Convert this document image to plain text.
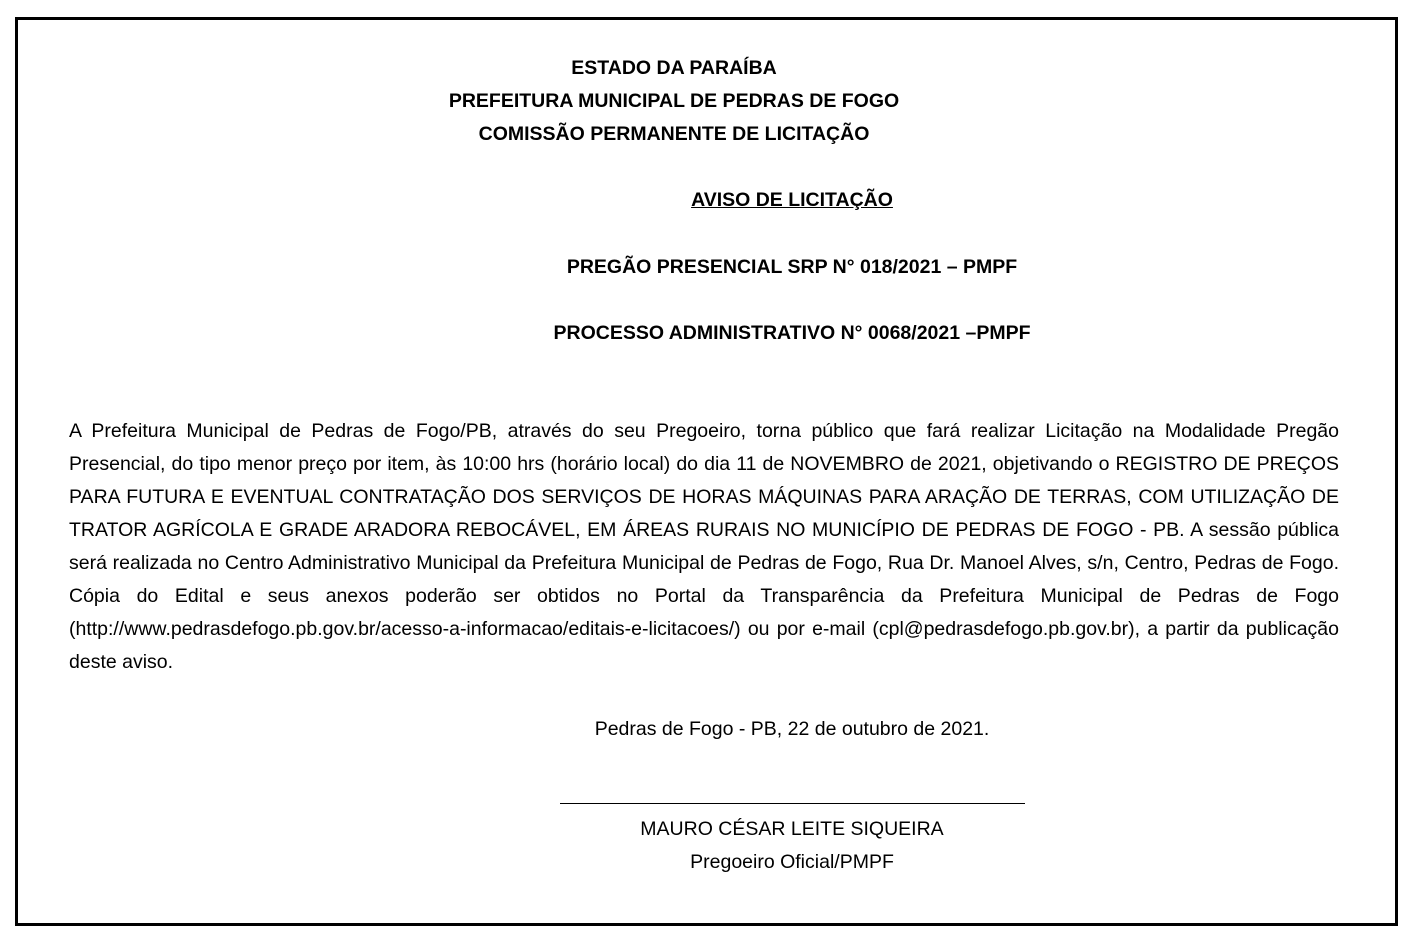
ESTADO DA PARAÍBA
PREFEITURA MUNICIPAL DE PEDRAS DE FOGO
COMISSÃO PERMANENTE DE LICITAÇÃO
AVISO DE LICITAÇÃO
PREGÃO PRESENCIAL SRP N° 018/2021 – PMPF
PROCESSO ADMINISTRATIVO N° 0068/2021 –PMPF
A Prefeitura Municipal de Pedras de Fogo/PB, através do seu Pregoeiro, torna público que fará realizar Licitação na Modalidade Pregão Presencial, do tipo menor preço por item, às 10:00 hrs (horário local) do dia 11 de NOVEMBRO de 2021, objetivando o REGISTRO DE PREÇOS PARA FUTURA E EVENTUAL CONTRATAÇÃO DOS SERVIÇOS DE HORAS MÁQUINAS PARA ARAÇÃO DE TERRAS, COM UTILIZAÇÃO DE TRATOR AGRÍCOLA E GRADE ARADORA REBOCÁVEL, EM ÁREAS RURAIS NO MUNICÍPIO DE PEDRAS DE FOGO - PB. A sessão pública será realizada no Centro Administrativo Municipal da Prefeitura Municipal de Pedras de Fogo, Rua Dr. Manoel Alves, s/n, Centro, Pedras de Fogo. Cópia do Edital e seus anexos poderão ser obtidos no Portal da Transparência da Prefeitura Municipal de Pedras de Fogo (http://www.pedrasdefogo.pb.gov.br/acesso-a-informacao/editais-e-licitacoes/) ou por e-mail (cpl@pedrasdefogo.pb.gov.br), a partir da publicação deste aviso.
Pedras de Fogo - PB, 22 de outubro de 2021.
MAURO CÉSAR LEITE SIQUEIRA
Pregoeiro Oficial/PMPF
